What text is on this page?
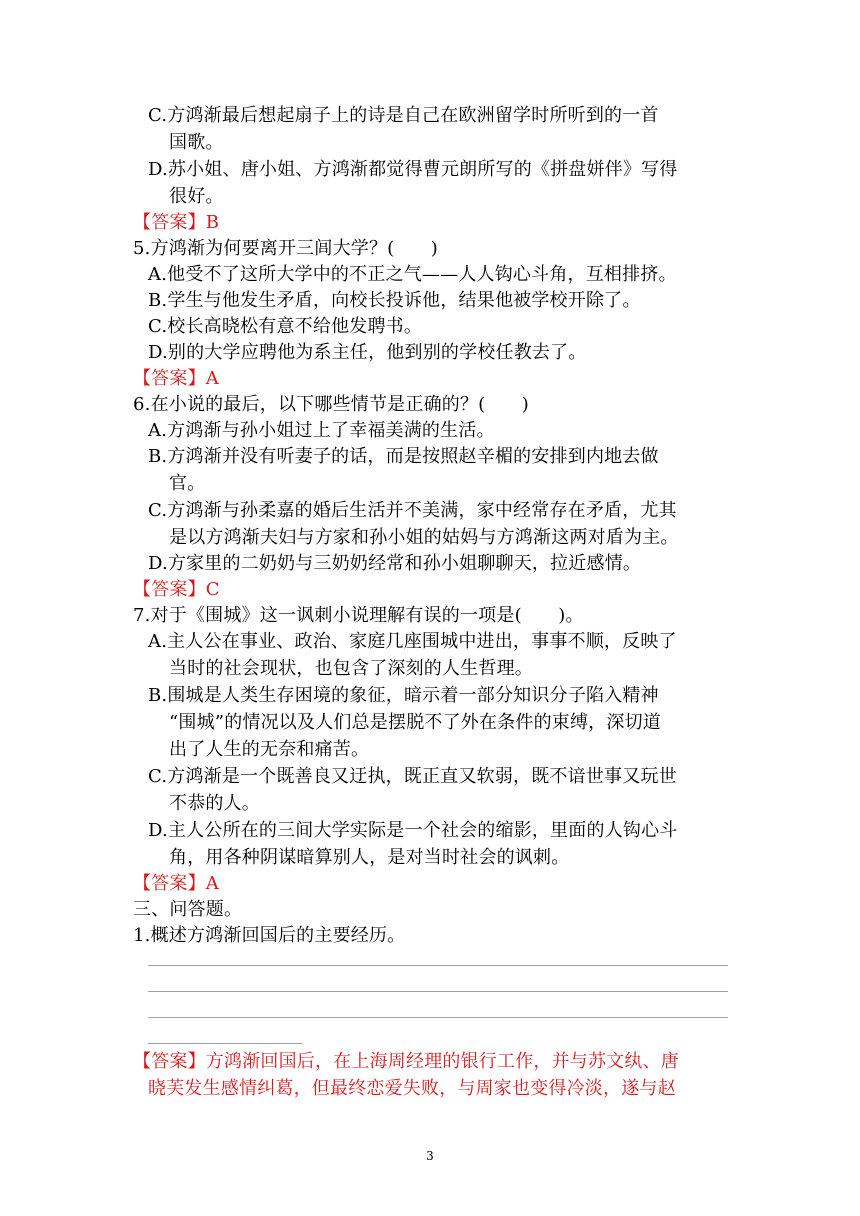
C.方鸿渐最后想起扇子上的诗是自己在欧洲留学时所听到的一首
国歌。
D.苏小姐、唐小姐、方鸿渐都觉得曹元朗所写的《拼盘姘伴》写得
很好。
【答案】B
5.方鸿渐为何要离开三闾大学？(　　)
A.他受不了这所大学中的不正之气——人人钩心斗角，互相排挤。
B.学生与他发生矛盾，向校长投诉他，结果他被学校开除了。
C.校长高晓松有意不给他发聘书。
D.别的大学应聘他为系主任，他到别的学校任教去了。
【答案】A
6.在小说的最后，以下哪些情节是正确的？(　　)
A.方鸿渐与孙小姐过上了幸福美满的生活。
B.方鸿渐并没有听妻子的话，而是按照赵辛楣的安排到内地去做
官。
C.方鸿渐与孙柔嘉的婚后生活并不美满，家中经常存在矛盾，尤其
是以方鸿渐夫妇与方家和孙小姐的姑妈与方鸿渐这两对盾为主。
D.方家里的二奶奶与三奶奶经常和孙小姐聊聊天，拉近感情。
【答案】C
7.对于《围城》这一讽刺小说理解有误的一项是(　　)。
A.主人公在事业、政治、家庭几座围城中进出，事事不顺，反映了
当时的社会现状，也包含了深刻的人生哲理。
B.围城是人类生存困境的象征，暗示着一部分知识分子陷入精神
“围城”的情况以及人们总是摆脱不了外在条件的束缚，深切道
出了人生的无奈和痛苦。
C.方鸿渐是一个既善良又迂执，既正直又软弱，既不谙世事又玩世
不恭的人。
D.主人公所在的三间大学实际是一个社会的缩影，里面的人钩心斗
角，用各种阴谋暗算别人，是对当时社会的讽刺。
【答案】A
三、问答题。
1.概述方鸿渐回国后的主要经历。
【答案】方鸿渐回国后，在上海周经理的银行工作，并与苏文纨、唐
晓芙发生感情纠葛，但最终恋爱失败，与周家也变得冷淡，遂与赵
3
